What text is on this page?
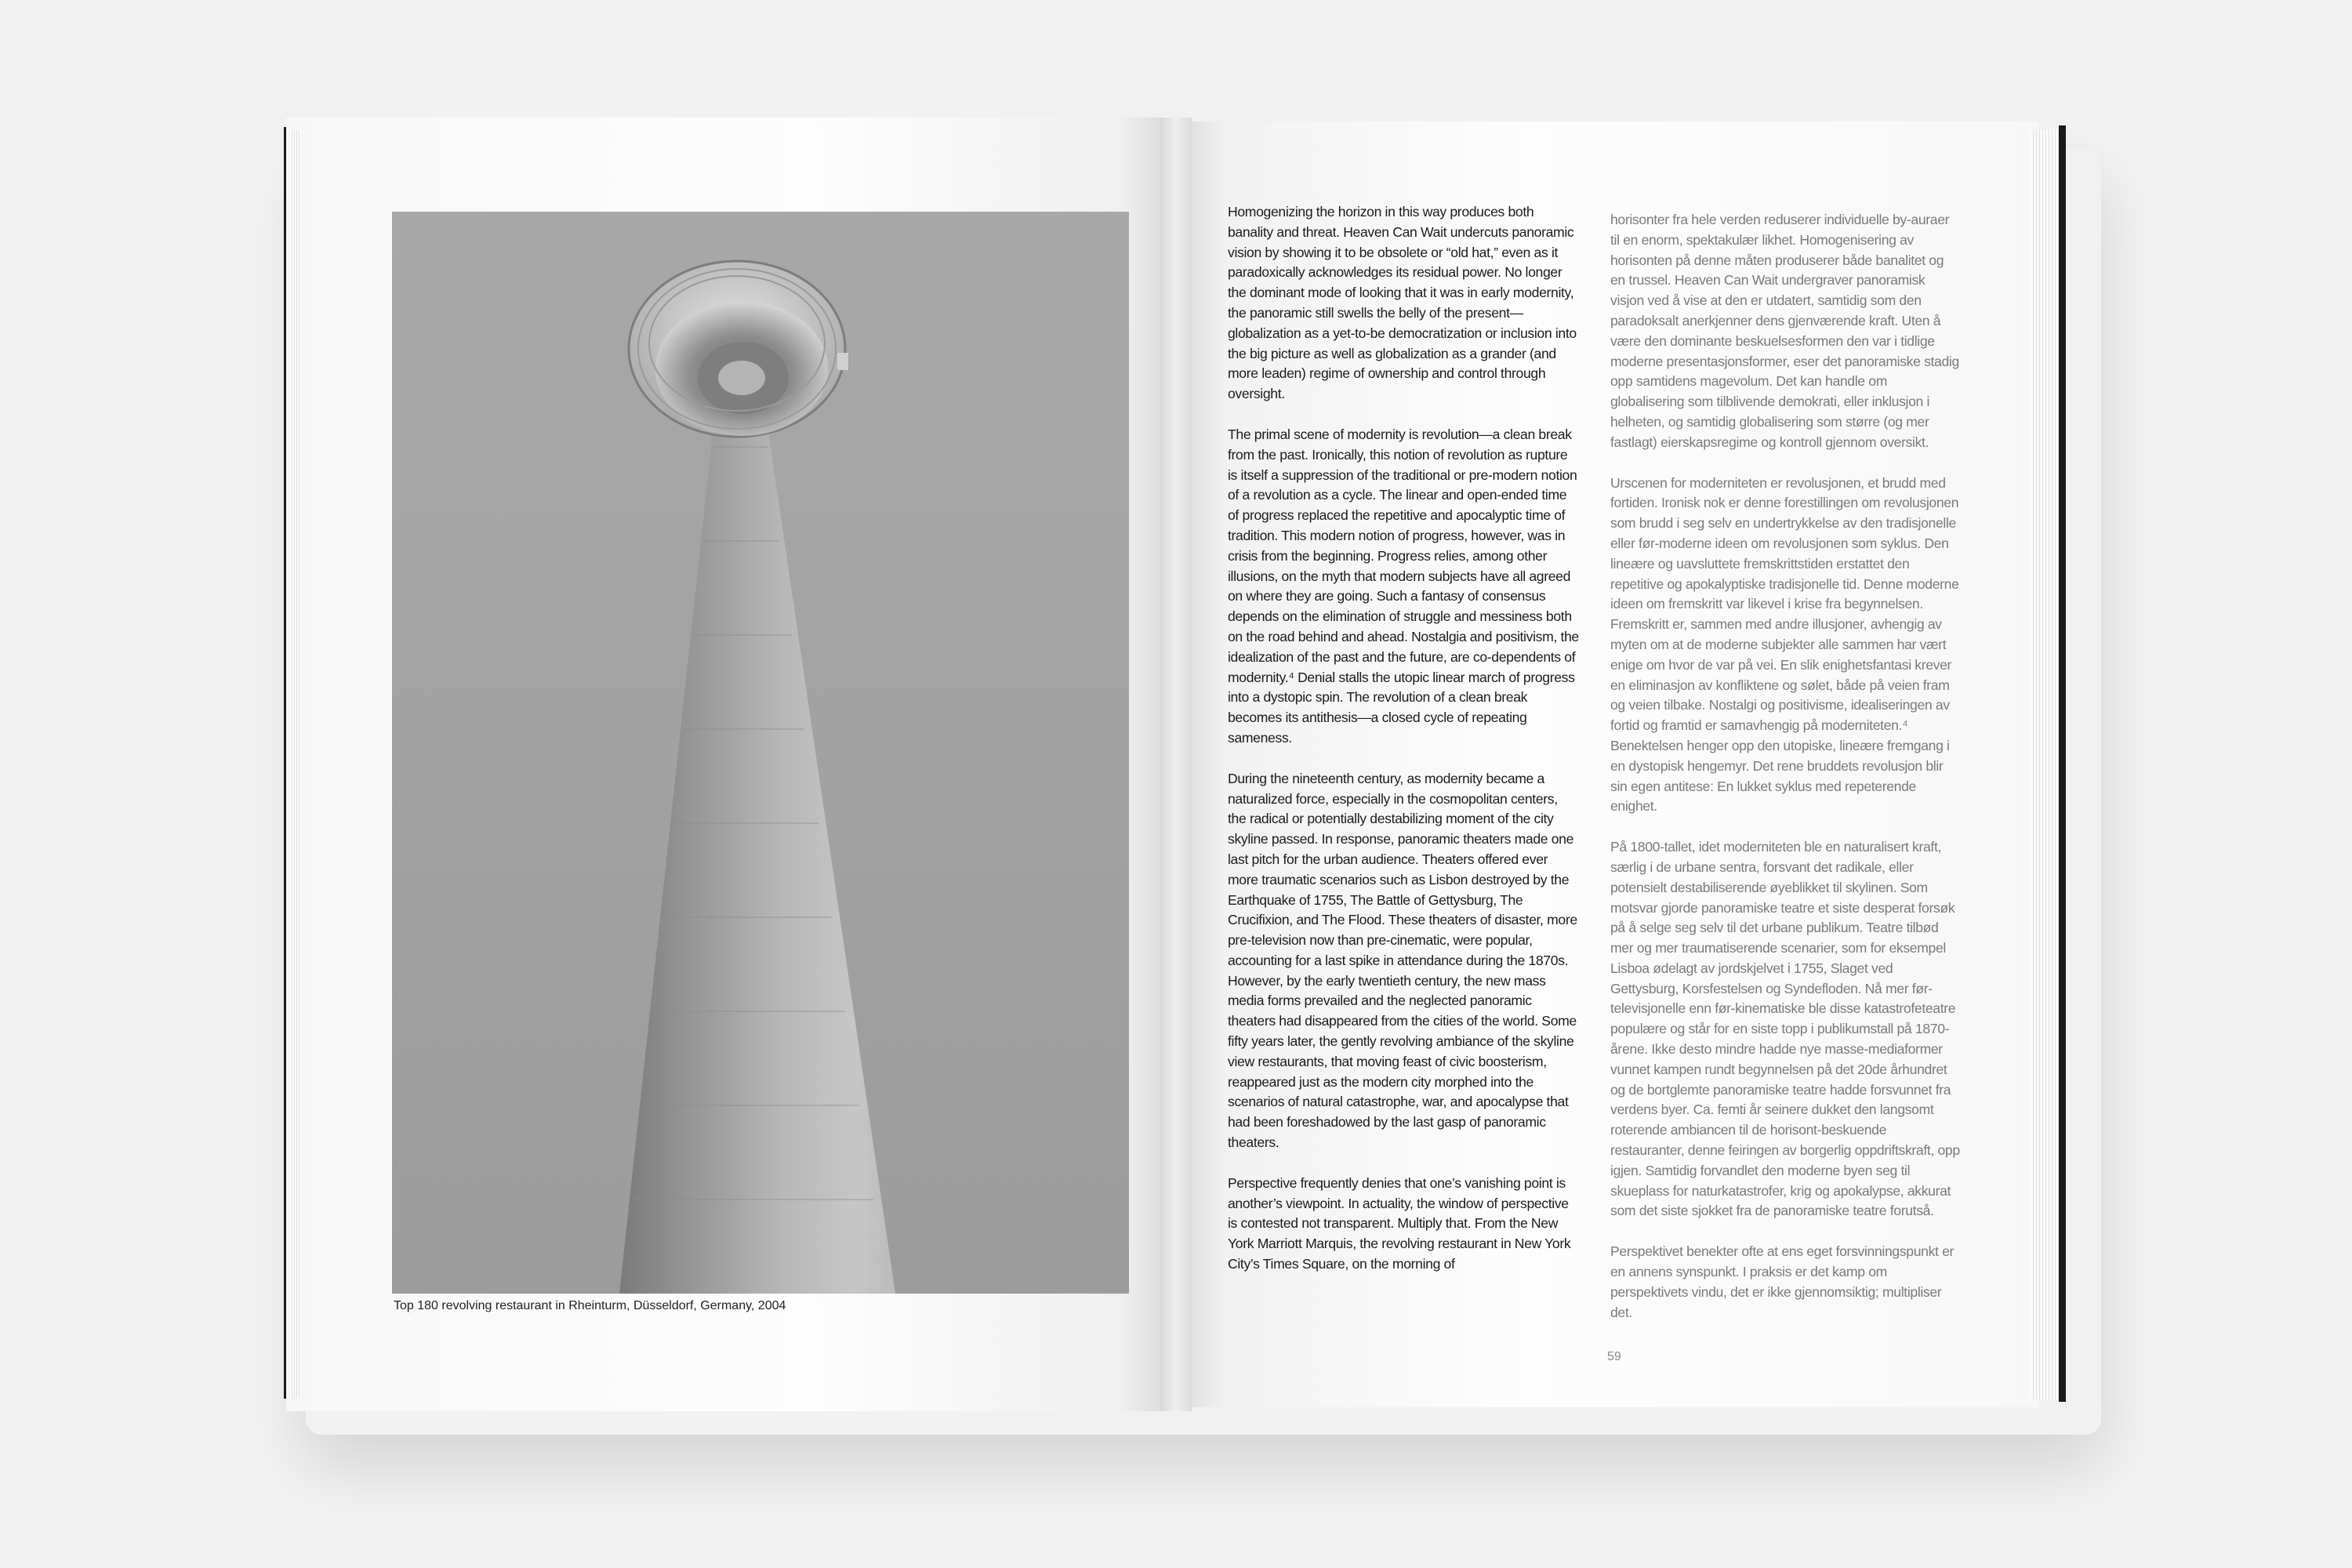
Top 180 revolving restaurant in Rheinturm, Düsseldorf, Germany, 2004

Homogenizing the horizon in this way produces both banality and threat. Heaven Can Wait undercuts panoramic vision by showing it to be obsolete or “old hat,” even as it paradoxically acknowledges its residual power. No longer the dominant mode of looking that it was in early modernity, the panoramic still swells the belly of the present—globalization as a yet-to-be democratization or inclusion into the big picture as well as globalization as a grander (and more leaden) regime of ownership and control through oversight.

The primal scene of modernity is revolution—a clean break from the past. Ironically, this notion of revolution as rupture is itself a suppression of the traditional or pre-modern notion of a revolution as a cycle. The linear and open-ended time of progress replaced the repetitive and apocalyptic time of tradition. This modern notion of progress, however, was in crisis from the beginning. Progress relies, among other illusions, on the myth that modern subjects have all agreed on where they are going. Such a fantasy of consensus depends on the elimination of struggle and messiness both on the road behind and ahead. Nostalgia and positivism, the idealization of the past and the future, are co-dependents of modernity.⁴ Denial stalls the utopic linear march of progress into a dystopic spin. The revolution of a clean break becomes its antithesis—a closed cycle of repeating sameness.

During the nineteenth century, as modernity became a naturalized force, especially in the cosmopolitan centers, the radical or potentially destabilizing moment of the city skyline passed. In response, panoramic theaters made one last pitch for the urban audience. Theaters offered ever more traumatic scenarios such as Lisbon destroyed by the Earthquake of 1755, The Battle of Gettysburg, The Crucifixion, and The Flood. These theaters of disaster, more pre-television now than pre-cinematic, were popular, accounting for a last spike in attendance during the 1870s. However, by the early twentieth century, the new mass media forms prevailed and the neglected panoramic theaters had disappeared from the cities of the world. Some fifty years later, the gently revolving ambiance of the skyline view restaurants, that moving feast of civic boosterism, reappeared just as the modern city morphed into the scenarios of natural catastrophe, war, and apocalypse that had been foreshadowed by the last gasp of panoramic theaters.

Perspective frequently denies that one’s vanishing point is another’s viewpoint. In actuality, the window of perspective is contested not transparent. Multiply that. From the New York Marriott Marquis, the revolving restaurant in New York City’s Times Square, on the morning of

horisonter fra hele verden reduserer individuelle by-auraer til en enorm, spektakulær likhet. Homogenisering av horisonten på denne måten produserer både banalitet og en trussel. Heaven Can Wait undergraver panoramisk visjon ved å vise at den er utdatert, samtidig som den paradoksalt anerkjenner dens gjenværende kraft. Uten å være den dominante beskuelsesformen den var i tidlige moderne presentasjonsformer, eser det panoramiske stadig opp samtidens magevolum. Det kan handle om globalisering som tilblivende demokrati, eller inklusjon i helheten, og samtidig globalisering som større (og mer fastlagt) eierskapsregime og kontroll gjennom oversikt.

Urscenen for moderniteten er revolusjonen, et brudd med fortiden. Ironisk nok er denne forestillingen om revolusjonen som brudd i seg selv en undertrykkelse av den tradisjonelle eller før-moderne ideen om revolusjonen som syklus. Den lineære og uavsluttete fremskrittstiden erstattet den repetitive og apokalyptiske tradisjonelle tid. Denne moderne ideen om fremskritt var likevel i krise fra begynnelsen. Fremskritt er, sammen med andre illusjoner, avhengig av myten om at de moderne subjekter alle sammen har vært enige om hvor de var på vei. En slik enighetsfantasi krever en eliminasjon av konfliktene og sølet, både på veien fram og veien tilbake. Nostalgi og positivisme, idealiseringen av fortid og framtid er samavhengig på moderniteten.⁴ Benektelsen henger opp den utopiske, lineære fremgang i en dystopisk hengemyr. Det rene bruddets revolusjon blir sin egen antitese: En lukket syklus med repeterende enighet.

På 1800-tallet, idet moderniteten ble en naturalisert kraft, særlig i de urbane sentra, forsvant det radikale, eller potensielt destabiliserende øyeblikket til skylinen. Som motsvar gjorde panoramiske teatre et siste desperat forsøk på å selge seg selv til det urbane publikum. Teatre tilbød mer og mer traumatiserende scenarier, som for eksempel Lisboa ødelagt av jordskjelvet i 1755, Slaget ved Gettysburg, Korsfestelsen og Syndefloden. Nå mer før-televisjonelle enn før-kinematiske ble disse katastrofeteatre populære og står for en siste topp i publikumstall på 1870-årene. Ikke desto mindre hadde nye masse-mediaformer vunnet kampen rundt begynnelsen på det 20de århundret og de bortglemte panoramiske teatre hadde forsvunnet fra verdens byer. Ca. femti år seinere dukket den langsomt roterende ambiancen til de horisont-beskuende restauranter, denne feiringen av borgerlig oppdriftskraft, opp igjen. Samtidig forvandlet den moderne byen seg til skueplass for naturkatastrofer, krig og apokalypse, akkurat som det siste sjokket fra de panoramiske teatre forutså.

Perspektivet benekter ofte at ens eget forsvinningspunkt er en annens synspunkt. I praksis er det kamp om perspektivets vindu, det er ikke gjennomsiktig; multipliser det.

59
